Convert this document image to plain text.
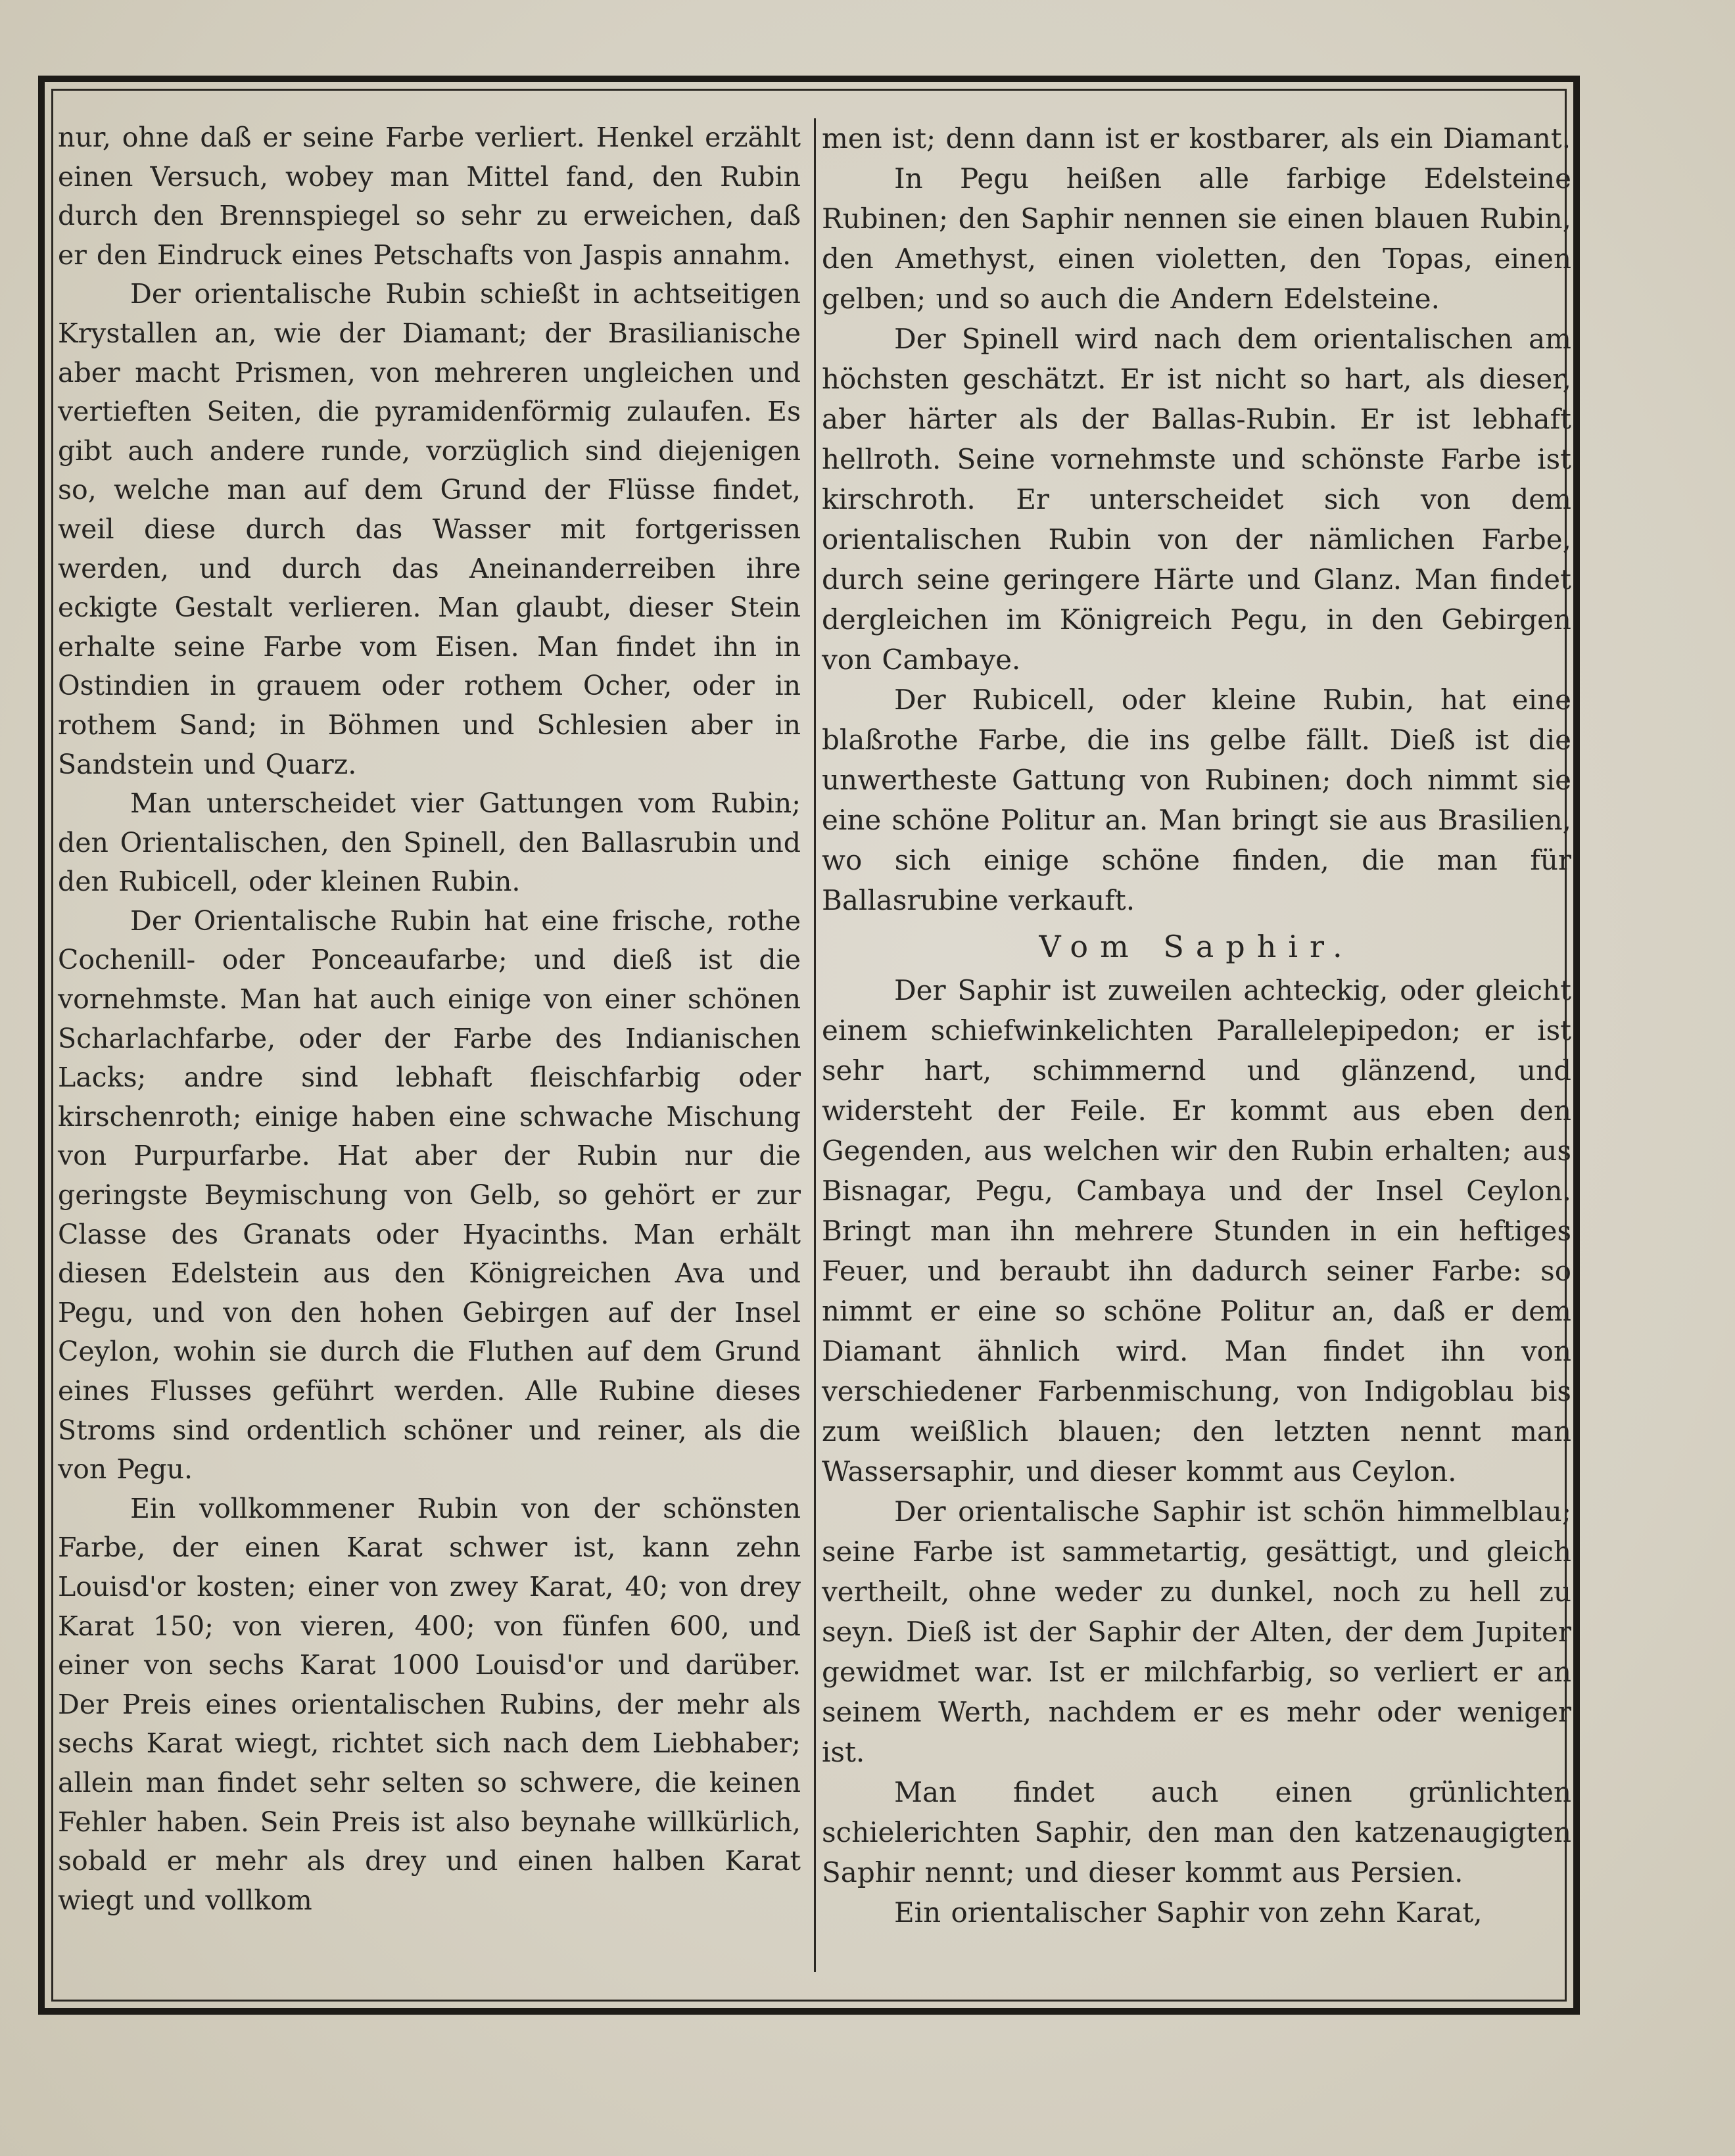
nur, ohne daß er seine Farbe verliert. Henkel erzählt einen Versuch, wobey man Mittel fand, den Rubin durch den Brennspiegel so sehr zu erweichen, daß er den Eindruck eines Petschafts von Jaspis annahm.

Der orientalische Rubin schießt in achtseitigen Krystallen an, wie der Diamant; der Brasilianische aber macht Prismen, von mehreren ungleichen und vertieften Seiten, die pyramidenförmig zulaufen. Es gibt auch andere runde, vorzüglich sind diejenigen so, welche man auf dem Grund der Flüsse findet, weil diese durch das Wasser mit fortgerissen werden, und durch das Aneinanderreiben ihre eckigte Gestalt verlieren. Man glaubt, dieser Stein erhalte seine Farbe vom Eisen. Man findet ihn in Ostindien in grauem oder rothem Ocher, oder in rothem Sand; in Böhmen und Schlesien aber in Sandstein und Quarz.

Man unterscheidet vier Gattungen vom Rubin; den Orientalischen, den Spinell, den Ballasrubin und den Rubicell, oder kleinen Rubin.

Der Orientalische Rubin hat eine frische, rothe Cochenill- oder Ponceaufarbe; und dieß ist die vornehmste. Man hat auch einige von einer schönen Scharlachfarbe, oder der Farbe des Indianischen Lacks; andre sind lebhaft fleischfarbig oder kirschenroth; einige haben eine schwache Mischung von Purpurfarbe. Hat aber der Rubin nur die geringste Beymischung von Gelb, so gehört er zur Classe des Granats oder Hyacinths. Man erhält diesen Edelstein aus den Königreichen Ava und Pegu, und von den hohen Gebirgen auf der Insel Ceylon, wohin sie durch die Fluthen auf dem Grund eines Flusses geführt werden. Alle Rubine dieses Stroms sind ordentlich schöner und reiner, als die von Pegu.

Ein vollkommener Rubin von der schönsten Farbe, der einen Karat schwer ist, kann zehn Louisd'or kosten; einer von zwey Karat, 40; von drey Karat 150; von vieren, 400; von fünfen 600, und einer von sechs Karat 1000 Louisd'or und darüber. Der Preis eines orientalischen Rubins, der mehr als sechs Karat wiegt, richtet sich nach dem Liebhaber; allein man findet sehr selten so schwere, die keinen Fehler haben. Sein Preis ist also beynahe willkürlich, sobald er mehr als drey und einen halben Karat wiegt und vollkom

men ist; denn dann ist er kostbarer, als ein Diamant.

In Pegu heißen alle farbige Edelsteine Rubinen; den Saphir nennen sie einen blauen Rubin, den Amethyst, einen violetten, den Topas, einen gelben; und so auch die Andern Edelsteine.

Der Spinell wird nach dem orientalischen am höchsten geschätzt. Er ist nicht so hart, als dieser, aber härter als der Ballas-Rubin. Er ist lebhaft hellroth. Seine vornehmste und schönste Farbe ist kirschroth. Er unterscheidet sich von dem orientalischen Rubin von der nämlichen Farbe, durch seine geringere Härte und Glanz. Man findet dergleichen im Königreich Pegu, in den Gebirgen von Cambaye.

Der Rubicell, oder kleine Rubin, hat eine blaßrothe Farbe, die ins gelbe fällt. Dieß ist die unwertheste Gattung von Rubinen; doch nimmt sie eine schöne Politur an. Man bringt sie aus Brasilien, wo sich einige schöne finden, die man für Ballasrubine verkauft.

Vom Saphir.

Der Saphir ist zuweilen achteckig, oder gleicht einem schiefwinkelichten Parallelepipedon; er ist sehr hart, schimmernd und glänzend, und widersteht der Feile. Er kommt aus eben den Gegenden, aus welchen wir den Rubin erhalten; aus Bisnagar, Pegu, Cambaya und der Insel Ceylon. Bringt man ihn mehrere Stunden in ein heftiges Feuer, und beraubt ihn dadurch seiner Farbe: so nimmt er eine so schöne Politur an, daß er dem Diamant ähnlich wird. Man findet ihn von verschiedener Farbenmischung, von Indigoblau bis zum weißlich blauen; den letzten nennt man Wassersaphir, und dieser kommt aus Ceylon.

Der orientalische Saphir ist schön himmelblau; seine Farbe ist sammetartig, gesättigt, und gleich vertheilt, ohne weder zu dunkel, noch zu hell zu seyn. Dieß ist der Saphir der Alten, der dem Jupiter gewidmet war. Ist er milchfarbig, so verliert er an seinem Werth, nachdem er es mehr oder weniger ist.

Man findet auch einen grünlichten schielerichten Saphir, den man den katzenaugigten Saphir nennt; und dieser kommt aus Persien.

Ein orientalischer Saphir von zehn Karat,
